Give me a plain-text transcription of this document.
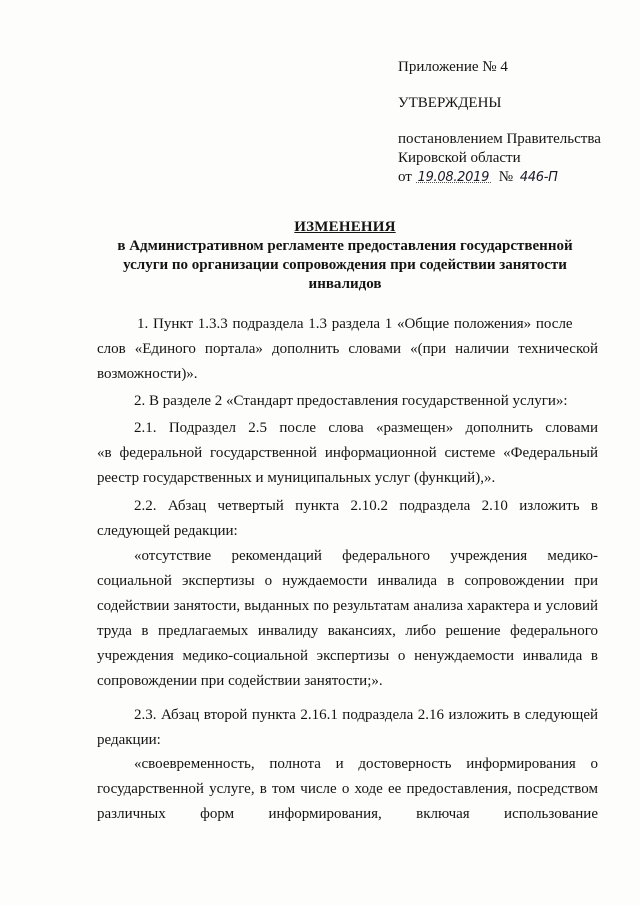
Приложение № 4
УТВЕРЖДЕНЫ
постановлением Правительства
Кировской области
от 19.08.2019 № 446-П
ИЗМЕНЕНИЯ
в Административном регламенте предоставления государственной
услуги по организации сопровождения при содействии занятости
инвалидов
1. Пункт 1.3.3 подраздела 1.3 раздела 1 «Общие положения» после
слов «Единого портала» дополнить словами «(при наличии технической
возможности)».
2. В разделе 2 «Стандарт предоставления государственной услуги»:
2.1. Подраздел 2.5 после слова «размещен» дополнить словами
«в федеральной государственной информационной системе «Федеральный
реестр государственных и муниципальных услуг (функций),».
2.2. Абзац четвертый пункта 2.10.2 подраздела 2.10 изложить в
следующей редакции:
«отсутствие рекомендаций федерального учреждения медико-
социальной экспертизы о нуждаемости инвалида в сопровождении при
содействии занятости, выданных по результатам анализа характера и условий
труда в предлагаемых инвалиду вакансиях, либо решение федерального
учреждения медико-социальной экспертизы о ненуждаемости инвалида в
сопровождении при содействии занятости;».
2.3. Абзац второй пункта 2.16.1 подраздела 2.16 изложить в следующей
редакции:
«своевременность, полнота и достоверность информирования о
государственной услуге, в том числе о ходе ее предоставления, посредством
различных форм информирования, включая использование
